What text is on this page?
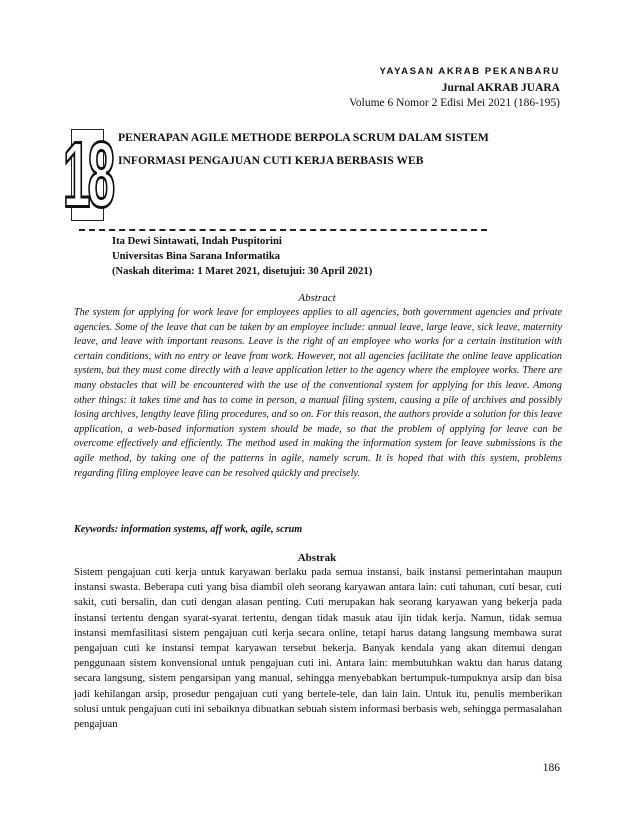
YAYASAN AKRAB PEKANBARU
Jurnal AKRAB JUARA
Volume 6 Nomor 2 Edisi Mei 2021 (186-195)
18 PENERAPAN AGILE METHODE BERPOLA SCRUM DALAM SISTEM INFORMASI PENGAJUAN CUTI KERJA BERBASIS WEB
Ita Dewi Sintawati, Indah Puspitorini
Universitas Bina Sarana Informatika
(Naskah diterima: 1 Maret 2021, disetujui: 30 April 2021)
Abstract

The system for applying for work leave for employees applies to all agencies, both government agencies and private agencies. Some of the leave that can be taken by an employee include: annual leave, large leave, sick leave, maternity leave, and leave with important reasons. Leave is the right of an employee who works for a certain institution with certain conditions, with no entry or leave from work. However, not all agencies facilitate the online leave application system, but they must come directly with a leave application letter to the agency where the employee works. There are many obstacles that will be encountered with the use of the conventional system for applying for this leave. Among other things: it takes time and has to come in person, a manual filing system, causing a pile of archives and possibly losing archives, lengthy leave filing procedures, and so on. For this reason, the authors provide a solution for this leave application, a web-based information system should be made, so that the problem of applying for leave can be overcome effectively and efficiently. The method used in making the information system for leave submissions is the agile method, by taking one of the patterns in agile, namely scrum. It is hoped that with this system, problems regarding filing employee leave can be resolved quickly and precisely.

Keywords: information systems, aff work, agile, scrum
Abstrak

Sistem pengajuan cuti kerja untuk karyawan berlaku pada semua instansi, baik instansi pemerintahan maupun instansi swasta. Beberapa cuti yang bisa diambil oleh seorang karyawan antara lain: cuti tahunan, cuti besar, cuti sakit, cuti bersalin, dan cuti dengan alasan penting. Cuti merupakan hak seorang karyawan yang bekerja pada instansi tertentu dengan syarat-syarat tertentu, dengan tidak masuk atau ijin tidak kerja. Namun, tidak semua instansi memfasilitasi sistem pengajuan cuti kerja secara online, tetapi harus datang langsung membawa surat pengajuan cuti ke instansi tempat karyawan tersebut bekerja. Banyak kendala yang akan ditemui dengan penggunaan sistem konvensional untuk pengajuan cuti ini. Antara lain: membutuhkan waktu dan harus datang secara langsung, sistem pengarsipan yang manual, sehingga menyebabkan bertumpuk-tumpuknya arsip dan bisa jadi kehilangan arsip, prosedur pengajuan cuti yang bertele-tele, dan lain lain. Untuk itu, penulis memberikan solusi untuk pengajuan cuti ini sebaiknya dibuatkan sebuah sistem informasi berbasis web, sehingga permasalahan pengajuan

186
